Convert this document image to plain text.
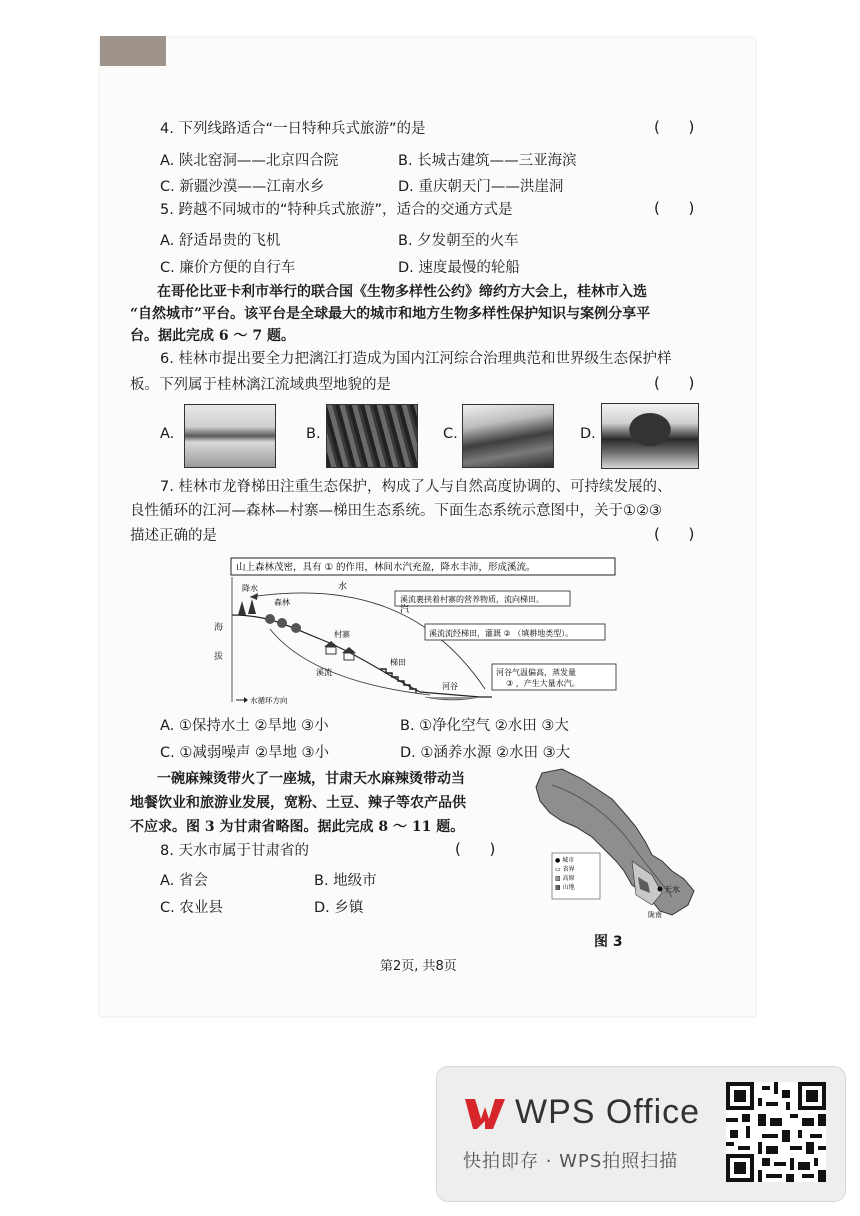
4. 下列线路适合“一日特种兵式旅游”的是	(      )
A. 陕北窑洞——北京四合院	B. 长城古建筑——三亚海滨
C. 新疆沙漠——江南水乡	D. 重庆朝天门——洪崖洞
5. 跨越不同城市的“特种兵式旅游”，适合的交通方式是	(      )
A. 舒适昂贵的飞机	B. 夕发朝至的火车
C. 廉价方便的自行车	D. 速度最慢的轮船
在哥伦比亚卡利市举行的联合国《生物多样性公约》缔约方大会上，桂林市入选
“自然城市”平台。该平台是全球最大的城市和地方生物多样性保护知识与案例分享平
台。据此完成 6 ～ 7 题。
6. 桂林市提出要全力把漓江打造成为国内江河综合治理典范和世界级生态保护样
板。下列属于桂林漓江流域典型地貌的是	(      )
A.	B.	C.	D.
7. 桂林市龙脊梯田注重生态保护，构成了人与自然高度协调的、可持续发展的、
良性循环的江河—森林—村寨—梯田生态系统。下面生态系统示意图中，关于①②③
描述正确的是	(      )
山上森林茂密，具有 ① 的作用，林间水汽充盈，降水丰沛，形成溪流。
溪流裹挟着村寨的营养物质，流向梯田。
溪流流经梯田，灌溉 ② （填耕地类型）。
河谷气温偏高，蒸发量
③ ，产生大量水汽。
降水	水
汽
森林
村寨
梯田
河谷
溪流
水循环方向
海拔
A. ①保持水土 ②旱地 ③小	B. ①净化空气 ②水田 ③大
C. ①减弱噪声 ②旱地 ③小	D. ①涵养水源 ②水田 ③大
一碗麻辣烫带火了一座城，甘肃天水麻辣烫带动当
地餐饮业和旅游业发展，宽粉、土豆、辣子等农产品供
不应求。图 3 为甘肃省略图。据此完成 8 ～ 11 题。
8. 天水市属于甘肃省的	(      )
A. 省会	B. 地级市
C. 农业县	D. 乡镇
天水
陇南
● 城市
▭ 省界
▨ 高原
▩ 山地
图 3
第2页, 共8页
WPS Office
快拍即存 · WPS拍照扫描
